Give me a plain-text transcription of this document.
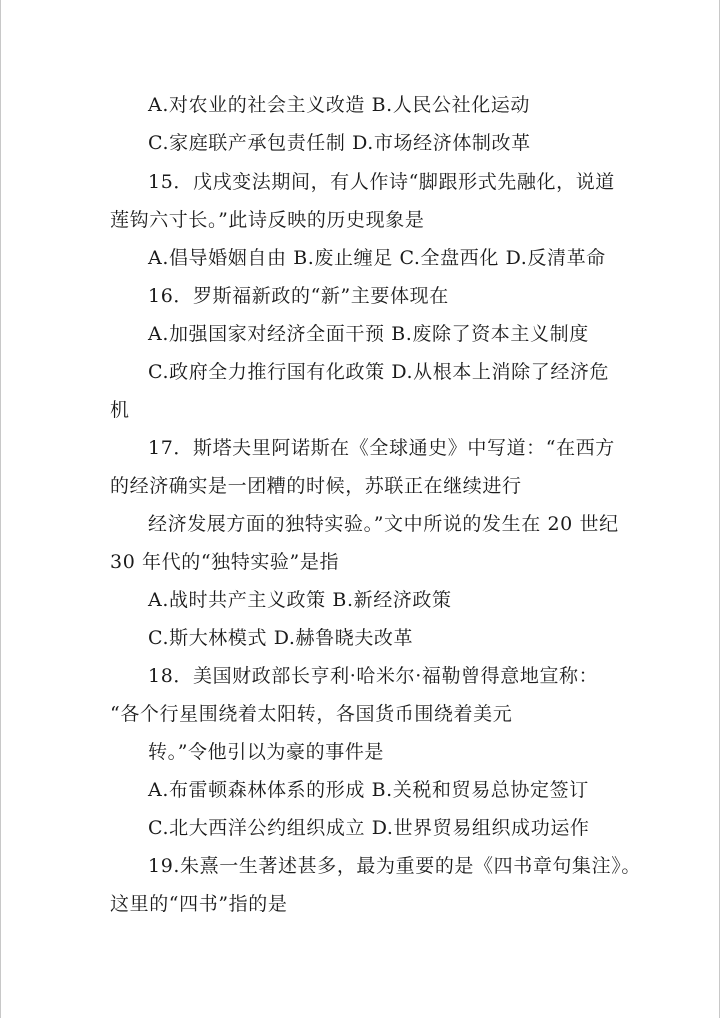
A.对农业的社会主义改造 B.人民公社化运动
C.家庭联产承包责任制 D.市场经济体制改革
15．戊戌变法期间，有人作诗“脚跟形式先融化，说道
莲钩六寸长。”此诗反映的历史现象是
A.倡导婚姻自由 B.废止缠足 C.全盘西化 D.反清革命
16．罗斯福新政的“新”主要体现在
A.加强国家对经济全面干预 B.废除了资本主义制度
C.政府全力推行国有化政策 D.从根本上消除了经济危
机
17．斯塔夫里阿诺斯在《全球通史》中写道：“在西方
的经济确实是一团糟的时候，苏联正在继续进行
经济发展方面的独特实验。”文中所说的发生在 20 世纪
30 年代的“独特实验”是指
A.战时共产主义政策 B.新经济政策
C.斯大林模式 D.赫鲁晓夫改革
18．美国财政部长亨利·哈米尔·福勒曾得意地宣称：
“各个行星围绕着太阳转，各国货币围绕着美元
转。”令他引以为豪的事件是
A.布雷顿森林体系的形成 B.关税和贸易总协定签订
C.北大西洋公约组织成立 D.世界贸易组织成功运作
19.朱熹一生著述甚多，最为重要的是《四书章句集注》。
这里的“四书”指的是
